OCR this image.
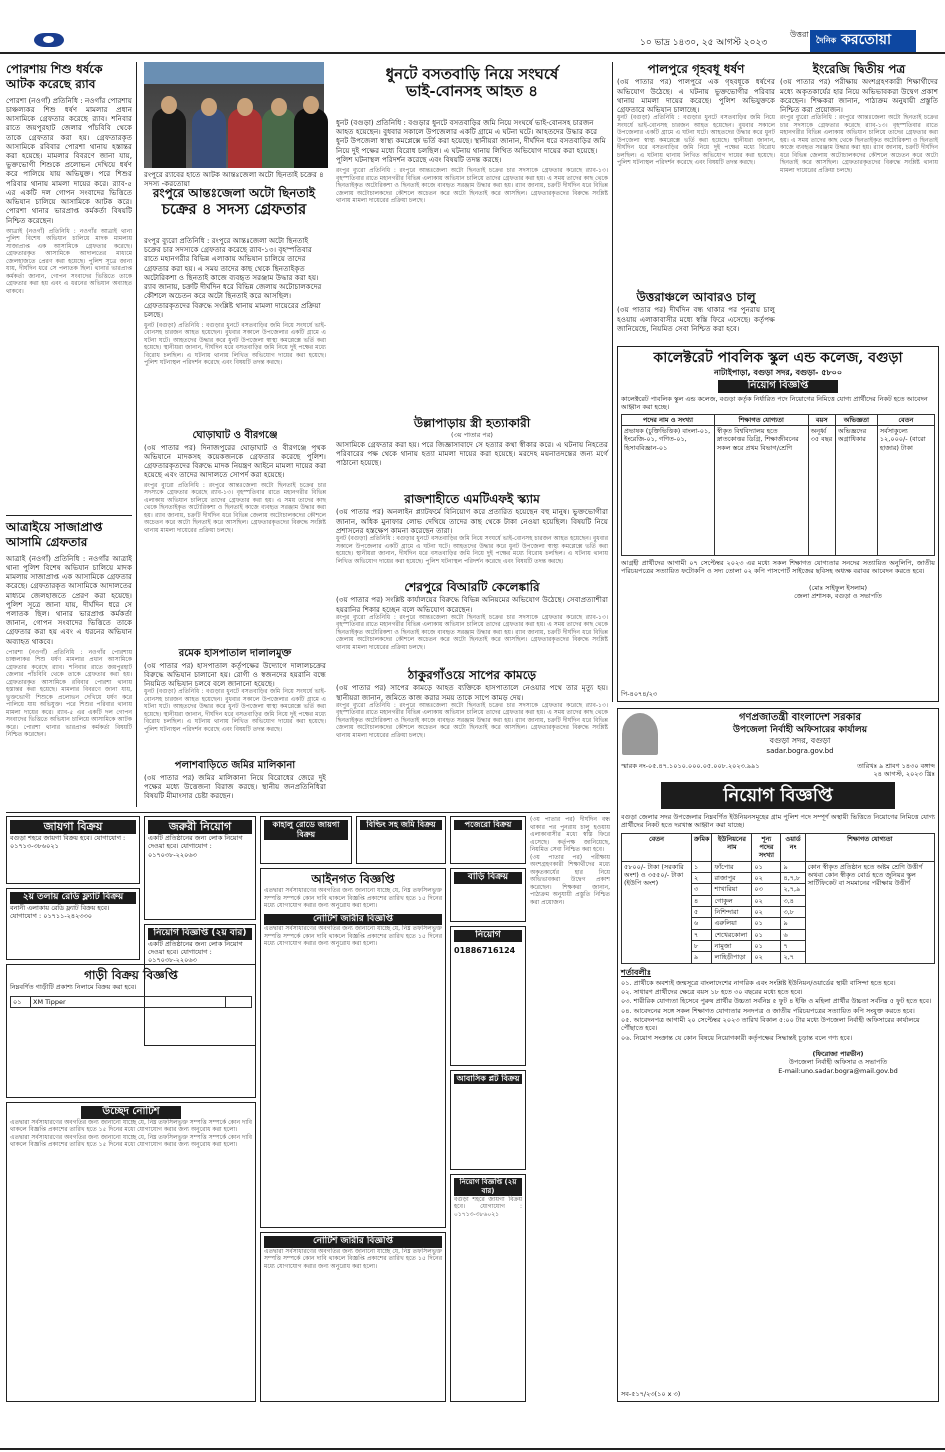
১০ ভাদ্র ১৪৩০, ২৫ আগস্ট ২০২৩
উত্তরা
দৈনিক করতোয়া
পোরশায় শিশু ধর্ষকে
আটক করেছে র‌্যাব
পোরশা (নওগাঁ) প্রতিনিধি : নওগাঁর পোরশায় চাঞ্চল্যকর শিশু ধর্ষণ মামলার প্রধান আসামিকে গ্রেফতার করেছে র‌্যাব। শনিবার রাতে জয়পুরহাট জেলার পাঁচবিবি থেকে তাকে গ্রেফতার করা হয়। গ্রেফতারকৃত আসামিকে রবিবার পোরশা থানায় হস্তান্তর করা হয়েছে। মামলার বিবরণে জানা যায়, ভুক্তভোগী শিশুকে প্রলোভন দেখিয়ে ধর্ষণ করে পালিয়ে যায় অভিযুক্ত। পরে শিশুর পরিবার থানায় মামলা দায়ের করে। র‌্যাব-৫ এর একটি দল গোপন সংবাদের ভিত্তিতে অভিযান চালিয়ে আসামিকে আটক করে। পোরশা থানার ভারপ্রাপ্ত কর্মকর্তা বিষয়টি নিশ্চিত করেছেন।
আত্রাই (নওগাঁ) প্রতিনিধি : নওগাঁর আত্রাই থানা পুলিশ বিশেষ অভিযান চালিয়ে মাদক মামলায় সাজাপ্রাপ্ত এক আসামিকে গ্রেফতার করেছে। গ্রেফতারকৃত আসামিকে আদালতের মাধ্যমে জেলহাজতে প্রেরণ করা হয়েছে। পুলিশ সূত্রে জানা যায়, দীর্ঘদিন ধরে সে পলাতক ছিল। থানার ভারপ্রাপ্ত কর্মকর্তা জানান, গোপন সংবাদের ভিত্তিতে তাকে গ্রেফতার করা হয় এবং এ ধরনের অভিযান অব্যাহত থাকবে।
আত্রাইয়ে সাজাপ্রাপ্ত
আসামি গ্রেফতার
আত্রাই (নওগাঁ) প্রতিনিধি : নওগাঁর আত্রাই থানা পুলিশ বিশেষ অভিযান চালিয়ে মাদক মামলায় সাজাপ্রাপ্ত এক আসামিকে গ্রেফতার করেছে। গ্রেফতারকৃত আসামিকে আদালতের মাধ্যমে জেলহাজতে প্রেরণ করা হয়েছে। পুলিশ সূত্রে জানা যায়, দীর্ঘদিন ধরে সে পলাতক ছিল। থানার ভারপ্রাপ্ত কর্মকর্তা জানান, গোপন সংবাদের ভিত্তিতে তাকে গ্রেফতার করা হয় এবং এ ধরনের অভিযান অব্যাহত থাকবে।
পোরশা (নওগাঁ) প্রতিনিধি : নওগাঁর পোরশায় চাঞ্চল্যকর শিশু ধর্ষণ মামলার প্রধান আসামিকে গ্রেফতার করেছে র‌্যাব। শনিবার রাতে জয়পুরহাট জেলার পাঁচবিবি থেকে তাকে গ্রেফতার করা হয়। গ্রেফতারকৃত আসামিকে রবিবার পোরশা থানায় হস্তান্তর করা হয়েছে। মামলার বিবরণে জানা যায়, ভুক্তভোগী শিশুকে প্রলোভন দেখিয়ে ধর্ষণ করে পালিয়ে যায় অভিযুক্ত। পরে শিশুর পরিবার থানায় মামলা দায়ের করে। র‌্যাব-৫ এর একটি দল গোপন সংবাদের ভিত্তিতে অভিযান চালিয়ে আসামিকে আটক করে। পোরশা থানার ভারপ্রাপ্ত কর্মকর্তা বিষয়টি নিশ্চিত করেছেন।
রংপুরে র‌্যাবের হাতে আটক আন্তঃজেলা অটো ছিনতাই চক্রের ৪ সদস্য -করতোয়া
রংপুরে আন্তঃজেলা অটো ছিনতাই
চক্রের ৪ সদস্য গ্রেফতার
রংপুর ব্যুরো প্রতিনিধি : রংপুরে আন্তঃজেলা অটো ছিনতাই চক্রের চার সদস্যকে গ্রেফতার করেছে র‌্যাব-১৩। বৃহস্পতিবার রাতে মহানগরীর বিভিন্ন এলাকায় অভিযান চালিয়ে তাদের গ্রেফতার করা হয়। এ সময় তাদের কাছ থেকে ছিনতাইকৃত অটোরিকশা ও ছিনতাই কাজে ব্যবহৃত সরঞ্জাম উদ্ধার করা হয়। র‌্যাব জানায়, চক্রটি দীর্ঘদিন ধরে বিভিন্ন জেলায় অটোচালকদের কৌশলে অচেতন করে অটো ছিনতাই করে আসছিল। গ্রেফতারকৃতদের বিরুদ্ধে সংশ্লিষ্ট থানায় মামলা দায়েরের প্রক্রিয়া চলছে।
ধুনট (বগুড়া) প্রতিনিধি : বগুড়ার ধুনটে বসতবাড়ির জমি নিয়ে সংঘর্ষে ভাই-বোনসহ চারজন আহত হয়েছেন। বুধবার সকালে উপজেলার একটি গ্রামে এ ঘটনা ঘটে। আহতদের উদ্ধার করে ধুনট উপজেলা স্বাস্থ্য কমপ্লেক্সে ভর্তি করা হয়েছে। স্থানীয়রা জানান, দীর্ঘদিন ধরে বসতবাড়ির জমি নিয়ে দুই পক্ষের মধ্যে বিরোধ চলছিল। এ ঘটনায় থানায় লিখিত অভিযোগ দায়ের করা হয়েছে। পুলিশ ঘটনাস্থল পরিদর্শন করেছে এবং বিষয়টি তদন্ত করছে।
ধুনটে বসতবাড়ি নিয়ে সংঘর্ষে
ভাই-বোনসহ আহত ৪
ধুনট (বগুড়া) প্রতিনিধি : বগুড়ার ধুনটে বসতবাড়ির জমি নিয়ে সংঘর্ষে ভাই-বোনসহ চারজন আহত হয়েছেন। বুধবার সকালে উপজেলার একটি গ্রামে এ ঘটনা ঘটে। আহতদের উদ্ধার করে ধুনট উপজেলা স্বাস্থ্য কমপ্লেক্সে ভর্তি করা হয়েছে। স্থানীয়রা জানান, দীর্ঘদিন ধরে বসতবাড়ির জমি নিয়ে দুই পক্ষের মধ্যে বিরোধ চলছিল। এ ঘটনায় থানায় লিখিত অভিযোগ দায়ের করা হয়েছে। পুলিশ ঘটনাস্থল পরিদর্শন করেছে এবং বিষয়টি তদন্ত করছে।
রংপুর ব্যুরো প্রতিনিধি : রংপুরে আন্তঃজেলা অটো ছিনতাই চক্রের চার সদস্যকে গ্রেফতার করেছে র‌্যাব-১৩। বৃহস্পতিবার রাতে মহানগরীর বিভিন্ন এলাকায় অভিযান চালিয়ে তাদের গ্রেফতার করা হয়। এ সময় তাদের কাছ থেকে ছিনতাইকৃত অটোরিকশা ও ছিনতাই কাজে ব্যবহৃত সরঞ্জাম উদ্ধার করা হয়। র‌্যাব জানায়, চক্রটি দীর্ঘদিন ধরে বিভিন্ন জেলায় অটোচালকদের কৌশলে অচেতন করে অটো ছিনতাই করে আসছিল। গ্রেফতারকৃতদের বিরুদ্ধে সংশ্লিষ্ট থানায় মামলা দায়েরের প্রক্রিয়া চলছে।
উল্লাপাড়ায় স্ত্রী হত্যাকারী
(৩য় পাতার পর)
আসামিকে গ্রেফতার করা হয়। পরে জিজ্ঞাসাবাদে সে হত্যার কথা স্বীকার করে। এ ঘটনায় নিহতের পরিবারের পক্ষ থেকে থানায় হত্যা মামলা দায়ের করা হয়েছে। মরদেহ ময়নাতদন্তের জন্য মর্গে পাঠানো হয়েছে।
ঘোড়াঘাট ও বীরগঞ্জে
(৩য় পাতার পর) দিনাজপুরের ঘোড়াঘাট ও বীরগঞ্জে পৃথক অভিযানে মাদকসহ কয়েকজনকে গ্রেফতার করেছে পুলিশ। গ্রেফতারকৃতদের বিরুদ্ধে মাদক নিয়ন্ত্রণ আইনে মামলা দায়ের করা হয়েছে এবং তাদের আদালতে সোপর্দ করা হয়েছে।
রংপুর ব্যুরো প্রতিনিধি : রংপুরে আন্তঃজেলা অটো ছিনতাই চক্রের চার সদস্যকে গ্রেফতার করেছে র‌্যাব-১৩। বৃহস্পতিবার রাতে মহানগরীর বিভিন্ন এলাকায় অভিযান চালিয়ে তাদের গ্রেফতার করা হয়। এ সময় তাদের কাছ থেকে ছিনতাইকৃত অটোরিকশা ও ছিনতাই কাজে ব্যবহৃত সরঞ্জাম উদ্ধার করা হয়। র‌্যাব জানায়, চক্রটি দীর্ঘদিন ধরে বিভিন্ন জেলায় অটোচালকদের কৌশলে অচেতন করে অটো ছিনতাই করে আসছিল। গ্রেফতারকৃতদের বিরুদ্ধে সংশ্লিষ্ট থানায় মামলা দায়েরের প্রক্রিয়া চলছে।
রাজশাহীতে এমটিএফই স্ক্যাম
(৩য় পাতার পর) অনলাইন প্ল্যাটফর্মে বিনিয়োগ করে প্রতারিত হয়েছেন বহু মানুষ। ভুক্তভোগীরা জানান, অধিক মুনাফার লোভ দেখিয়ে তাদের কাছ থেকে টাকা নেওয়া হয়েছিল। বিষয়টি নিয়ে প্রশাসনের হস্তক্ষেপ কামনা করেছেন তারা।
ধুনট (বগুড়া) প্রতিনিধি : বগুড়ার ধুনটে বসতবাড়ির জমি নিয়ে সংঘর্ষে ভাই-বোনসহ চারজন আহত হয়েছেন। বুধবার সকালে উপজেলার একটি গ্রামে এ ঘটনা ঘটে। আহতদের উদ্ধার করে ধুনট উপজেলা স্বাস্থ্য কমপ্লেক্সে ভর্তি করা হয়েছে। স্থানীয়রা জানান, দীর্ঘদিন ধরে বসতবাড়ির জমি নিয়ে দুই পক্ষের মধ্যে বিরোধ চলছিল। এ ঘটনায় থানায় লিখিত অভিযোগ দায়ের করা হয়েছে। পুলিশ ঘটনাস্থল পরিদর্শন করেছে এবং বিষয়টি তদন্ত করছে।
শেরপুরে বিআরটি কেলেঙ্কারি
(৩য় পাতার পর) সংশ্লিষ্ট কার্যালয়ের বিরুদ্ধে বিভিন্ন অনিয়মের অভিযোগ উঠেছে। সেবাপ্রত্যাশীরা হয়রানির শিকার হচ্ছেন বলে অভিযোগ করেছেন।
রংপুর ব্যুরো প্রতিনিধি : রংপুরে আন্তঃজেলা অটো ছিনতাই চক্রের চার সদস্যকে গ্রেফতার করেছে র‌্যাব-১৩। বৃহস্পতিবার রাতে মহানগরীর বিভিন্ন এলাকায় অভিযান চালিয়ে তাদের গ্রেফতার করা হয়। এ সময় তাদের কাছ থেকে ছিনতাইকৃত অটোরিকশা ও ছিনতাই কাজে ব্যবহৃত সরঞ্জাম উদ্ধার করা হয়। র‌্যাব জানায়, চক্রটি দীর্ঘদিন ধরে বিভিন্ন জেলায় অটোচালকদের কৌশলে অচেতন করে অটো ছিনতাই করে আসছিল। গ্রেফতারকৃতদের বিরুদ্ধে সংশ্লিষ্ট থানায় মামলা দায়েরের প্রক্রিয়া চলছে।
রমেক হাসপাতাল দালালমুক্ত
(৩য় পাতার পর) হাসপাতাল কর্তৃপক্ষের উদ্যোগে দালালচক্রের বিরুদ্ধে অভিযান চালানো হয়। রোগী ও স্বজনদের হয়রানি বন্ধে নিয়মিত অভিযান চলবে বলে জানানো হয়েছে।
ধুনট (বগুড়া) প্রতিনিধি : বগুড়ার ধুনটে বসতবাড়ির জমি নিয়ে সংঘর্ষে ভাই-বোনসহ চারজন আহত হয়েছেন। বুধবার সকালে উপজেলার একটি গ্রামে এ ঘটনা ঘটে। আহতদের উদ্ধার করে ধুনট উপজেলা স্বাস্থ্য কমপ্লেক্সে ভর্তি করা হয়েছে। স্থানীয়রা জানান, দীর্ঘদিন ধরে বসতবাড়ির জমি নিয়ে দুই পক্ষের মধ্যে বিরোধ চলছিল। এ ঘটনায় থানায় লিখিত অভিযোগ দায়ের করা হয়েছে। পুলিশ ঘটনাস্থল পরিদর্শন করেছে এবং বিষয়টি তদন্ত করছে।
ঠাকুরগাঁওয়ে সাপের কামড়ে
(৩য় পাতার পর) সাপের কামড়ে আহত ব্যক্তিকে হাসপাতালে নেওয়ার পথে তার মৃত্যু হয়। স্থানীয়রা জানান, জমিতে কাজ করার সময় তাকে সাপে কামড় দেয়।
রংপুর ব্যুরো প্রতিনিধি : রংপুরে আন্তঃজেলা অটো ছিনতাই চক্রের চার সদস্যকে গ্রেফতার করেছে র‌্যাব-১৩। বৃহস্পতিবার রাতে মহানগরীর বিভিন্ন এলাকায় অভিযান চালিয়ে তাদের গ্রেফতার করা হয়। এ সময় তাদের কাছ থেকে ছিনতাইকৃত অটোরিকশা ও ছিনতাই কাজে ব্যবহৃত সরঞ্জাম উদ্ধার করা হয়। র‌্যাব জানায়, চক্রটি দীর্ঘদিন ধরে বিভিন্ন জেলায় অটোচালকদের কৌশলে অচেতন করে অটো ছিনতাই করে আসছিল। গ্রেফতারকৃতদের বিরুদ্ধে সংশ্লিষ্ট থানায় মামলা দায়েরের প্রক্রিয়া চলছে।
পলাশবাড়িতে জমির মালিকানা
(৩য় পাতার পর) জমির মালিকানা নিয়ে বিরোধের জেরে দুই পক্ষের মধ্যে উত্তেজনা বিরাজ করছে। স্থানীয় জনপ্রতিনিধিরা বিষয়টি মীমাংসার চেষ্টা করছেন।
পালপুরে গৃহবধূ ধর্ষণ
(৩য় পাতার পর) পালপুরে এক গৃহবধূকে ধর্ষণের অভিযোগ উঠেছে। এ ঘটনায় ভুক্তভোগীর পরিবার থানায় মামলা দায়ের করেছে। পুলিশ অভিযুক্তকে গ্রেফতারে অভিযান চালাচ্ছে।
ধুনট (বগুড়া) প্রতিনিধি : বগুড়ার ধুনটে বসতবাড়ির জমি নিয়ে সংঘর্ষে ভাই-বোনসহ চারজন আহত হয়েছেন। বুধবার সকালে উপজেলার একটি গ্রামে এ ঘটনা ঘটে। আহতদের উদ্ধার করে ধুনট উপজেলা স্বাস্থ্য কমপ্লেক্সে ভর্তি করা হয়েছে। স্থানীয়রা জানান, দীর্ঘদিন ধরে বসতবাড়ির জমি নিয়ে দুই পক্ষের মধ্যে বিরোধ চলছিল। এ ঘটনায় থানায় লিখিত অভিযোগ দায়ের করা হয়েছে। পুলিশ ঘটনাস্থল পরিদর্শন করেছে এবং বিষয়টি তদন্ত করছে।
ইংরেজি দ্বিতীয় পত্র
(৩য় পাতার পর) পরীক্ষায় অংশগ্রহণকারী শিক্ষার্থীদের মধ্যে অকৃতকার্যের হার নিয়ে অভিভাবকরা উদ্বেগ প্রকাশ করেছেন। শিক্ষকরা জানান, পাঠ্যক্রম অনুযায়ী প্রস্তুতি নিশ্চিত করা প্রয়োজন।
রংপুর ব্যুরো প্রতিনিধি : রংপুরে আন্তঃজেলা অটো ছিনতাই চক্রের চার সদস্যকে গ্রেফতার করেছে র‌্যাব-১৩। বৃহস্পতিবার রাতে মহানগরীর বিভিন্ন এলাকায় অভিযান চালিয়ে তাদের গ্রেফতার করা হয়। এ সময় তাদের কাছ থেকে ছিনতাইকৃত অটোরিকশা ও ছিনতাই কাজে ব্যবহৃত সরঞ্জাম উদ্ধার করা হয়। র‌্যাব জানায়, চক্রটি দীর্ঘদিন ধরে বিভিন্ন জেলায় অটোচালকদের কৌশলে অচেতন করে অটো ছিনতাই করে আসছিল। গ্রেফতারকৃতদের বিরুদ্ধে সংশ্লিষ্ট থানায় মামলা দায়েরের প্রক্রিয়া চলছে।
উত্তরাঞ্চলে আবারও চালু
(৩য় পাতার পর) দীর্ঘদিন বন্ধ থাকার পর পুনরায় চালু হওয়ায় এলাকাবাসীর মধ্যে স্বস্তি ফিরে এসেছে। কর্তৃপক্ষ জানিয়েছে, নিয়মিত সেবা নিশ্চিত করা হবে।
কালেক্টরেট পাবলিক স্কুল এন্ড কলেজ, বগুড়া
নাটাইপাড়া, বগুড়া সদর, বগুড়া- ৫৮০০
নিয়োগ বিজ্ঞপ্তি
কালেক্টরেট পাবলিক স্কুল এন্ড কলেজ, বগুড়া কর্তৃক নির্ধারিত পদে নিয়োগের নিমিত্তে যোগ্য প্রার্থীদের নিকট হতে আবেদন আহ্বান করা হচ্ছে।
পদের নাম ও সংখ্যা	শিক্ষাগত যোগ্যতা	বয়স	অভিজ্ঞতা	বেতন
প্রভাষক (চুক্তিভিত্তিক) বাংলা-০১, ইংরেজি-০১, গণিত-০১, হিসাববিজ্ঞান-০১	স্বীকৃত বিশ্ববিদ্যালয় হতে স্নাতকোত্তর ডিগ্রি, শিক্ষাজীবনের সকল স্তরে প্রথম বিভাগ/শ্রেণি	অনূর্ধ্ব ৩৫ বছর	অভিজ্ঞদের অগ্রাধিকার	সর্বসাকুল্যে ১২,০০০/- (বারো হাজার) টাকা
আগ্রহী প্রার্থীদের আগামী ০৭ সেপ্টেম্বর ২০২৩ এর মধ্যে সকল শিক্ষাগত যোগ্যতার সনদের সত্যায়িত অনুলিপি, জাতীয় পরিচয়পত্রের সত্যায়িত ফটোকপি ও সদ্য তোলা ০২ কপি পাসপোর্ট সাইজের ছবিসহ অধ্যক্ষ বরাবর আবেদন করতে হবে।
(মোঃ সাইফুল ইসলাম)
জেলা প্রশাসক, বগুড়া ও সভাপতি
পি-৪০৭৪/২৩
জায়গা বিক্রয়
বগুড়া শহরে জায়গা বিক্রয় হবে। যোগাযোগ : ০১৭১৩-৩৮৬০২১
জরুরী নিয়োগ
একটি প্রতিষ্ঠানের জন্য লোক নিয়োগ দেওয়া হবে। যোগাযোগ : ০১৭০৩৮-২২০৬৩
২য় তলায় রেডি ফ্ল্যাট বিক্রয়
বনানী এলাকায় রেডি ফ্ল্যাট বিক্রয় হবে। যোগাযোগ : ০১৭১১-২৪২৩৩০
নিয়োগ বিজ্ঞপ্তি (২য় বার)
একটি প্রতিষ্ঠানের জন্য লোক নিয়োগ দেওয়া হবে। যোগাযোগ : ০১৭০৩৮-২২০৬৩
গাড়ী বিক্রয় বিজ্ঞপ্তি
নিম্নবর্ণিত গাড়ীটি প্রকাশ্য নিলামে বিক্রয় করা হবে।
০১	XM Tipper	
উচ্ছেদ নোটিশ
এতদ্বারা সর্বসাধারণের অবগতির জন্য জানানো যাচ্ছে যে, নিম্ন তফসিলভুক্ত সম্পত্তি সম্পর্কে কোন দাবি থাকলে বিজ্ঞপ্তি প্রকাশের তারিখ হতে ১৫ দিনের মধ্যে যোগাযোগ করার জন্য অনুরোধ করা হলো।
এতদ্বারা সর্বসাধারণের অবগতির জন্য জানানো যাচ্ছে যে, নিম্ন তফসিলভুক্ত সম্পত্তি সম্পর্কে কোন দাবি থাকলে বিজ্ঞপ্তি প্রকাশের তারিখ হতে ১৫ দিনের মধ্যে যোগাযোগ করার জন্য অনুরোধ করা হলো।
কাহালু রোডে জায়গা বিক্রয়
বিল্ডিং সহ জমি বিক্রয়
আইনগত বিজ্ঞপ্তি
এতদ্বারা সর্বসাধারণের অবগতির জন্য জানানো যাচ্ছে যে, নিম্ন তফসিলভুক্ত সম্পত্তি সম্পর্কে কোন দাবি থাকলে বিজ্ঞপ্তি প্রকাশের তারিখ হতে ১৫ দিনের মধ্যে যোগাযোগ করার জন্য অনুরোধ করা হলো।
নোটিশ জারীর বিজ্ঞপ্তি
এতদ্বারা সর্বসাধারণের অবগতির জন্য জানানো যাচ্ছে যে, নিম্ন তফসিলভুক্ত সম্পত্তি সম্পর্কে কোন দাবি থাকলে বিজ্ঞপ্তি প্রকাশের তারিখ হতে ১৫ দিনের মধ্যে যোগাযোগ করার জন্য অনুরোধ করা হলো।
নোটিশ জারীর বিজ্ঞপ্তি
এতদ্বারা সর্বসাধারণের অবগতির জন্য জানানো যাচ্ছে যে, নিম্ন তফসিলভুক্ত সম্পত্তি সম্পর্কে কোন দাবি থাকলে বিজ্ঞপ্তি প্রকাশের তারিখ হতে ১৫ দিনের মধ্যে যোগাযোগ করার জন্য অনুরোধ করা হলো।
পজেরো বিক্রয়
বাড়ি বিক্রয়
নিয়োগ
01886716124
আবাসিক প্লট বিক্রয়
নিয়োগ বিজ্ঞপ্তি (২য় বার)
বগুড়া শহরে জায়গা বিক্রয় হবে। যোগাযোগ : ০১৭১৩-৩৮৬০২১
গণপ্রজাতন্ত্রী বাংলাদেশ সরকার
উপজেলা নির্বাহী অফিসারের কার্যালয়
বগুড়া সদর, বগুড়া
sadar.bogra.gov.bd
স্মারক নং-০৫.৪৭.১০১০.০০০.০৫.০০৮.২০২৩.৯৯১	তারিখঃ ৯ শ্রাবণ ১৪৩০ বঙ্গাব্দ
২৪ আগস্ট, ২০২৩ খ্রিঃ
নিয়োগ বিজ্ঞপ্তি
বগুড়া জেলার সদর উপজেলার নিম্নবর্ণিত ইউনিয়নসমূহের গ্রাম পুলিশ পদে সম্পূর্ণ অস্থায়ী ভিত্তিতে নিয়োগের নিমিত্তে যোগ্য প্রার্থীদের নিকট হতে দরখাস্ত আহ্বান করা যাচ্ছে।
বেতন	ক্রমিক	ইউনিয়নের নাম	শূন্য পদের সংখ্যা	ওয়ার্ড নং	শিক্ষাগত যোগ্যতা
৫৮০০/- টাকা (সরকারি অংশ) ও ৩৫৫০/- টাকা (ইউপি অংশ)	১	ফাঁপোর	০১	৯	কোন স্বীকৃত প্রতিষ্ঠান হতে অষ্টম শ্রেণি উত্তীর্ণ অথবা কোন স্বীকৃত বোর্ড হতে জুনিয়র স্কুল সার্টিফিকেট বা সমমানের পরীক্ষায় উত্তীর্ণ
	২	রাজাপুর	০২	৪,৭,৮	
	৩	শাখারিয়া	০৩	২,৭,৯	
	৪	গোকুল	০২	৩,৪	
	৫	নিশিন্দারা	০২	৩,৮	
	৬	এরুলিয়া	০১	৯	
	৭	শেখেরকোলা	০১	৬	
	৮	নামুজা	০১	৭	
	৯	লাহিড়ীপাড়া	০২	২,৭	
শর্তাবলীঃ
০১. প্রার্থীকে অবশ্যই জন্মসূত্রে বাংলাদেশের নাগরিক এবং সংশ্লিষ্ট ইউনিয়ন/ওয়ার্ডের স্থায়ী বাসিন্দা হতে হবে।
০২. সাধারণ প্রার্থীদের ক্ষেত্রে বয়স ১৮ হতে ৩০ বছরের মধ্যে হতে হবে।
০৩. শারীরিক যোগ্যতা হিসেবে পুরুষ প্রার্থীর উচ্চতা সর্বনিম্ন ৫ ফুট ৪ ইঞ্চি ও মহিলা প্রার্থীর উচ্চতা সর্বনিম্ন ৫ ফুট হতে হবে।
০৪. আবেদনের সঙ্গে সকল শিক্ষাগত যোগ্যতার সনদপত্র ও জাতীয় পরিচয়পত্রের সত্যায়িত কপি সংযুক্ত করতে হবে।
০৫. আবেদনপত্র আগামী ২০ সেপ্টেম্বর ২০২৩ তারিখ বিকাল ৫:০০ টার মধ্যে উপজেলা নির্বাহী অফিসারের কার্যালয়ে পৌঁছাতে হবে।
০৬. নিয়োগ সংক্রান্ত যে কোন বিষয়ে নিয়োগকারী কর্তৃপক্ষের সিদ্ধান্তই চূড়ান্ত বলে গণ্য হবে।
(ফিরোজা পারভীন)
উপজেলা নির্বাহী অফিসার ও সভাপতি
E-mail:uno.sadar.bogra@mail.gov.bd
সব-৫১৭/২৩(১০ x ৩)
(৩য় পাতার পর) দীর্ঘদিন বন্ধ থাকার পর পুনরায় চালু হওয়ায় এলাকাবাসীর মধ্যে স্বস্তি ফিরে এসেছে। কর্তৃপক্ষ জানিয়েছে, নিয়মিত সেবা নিশ্চিত করা হবে।
(৩য় পাতার পর) পরীক্ষায় অংশগ্রহণকারী শিক্ষার্থীদের মধ্যে অকৃতকার্যের হার নিয়ে অভিভাবকরা উদ্বেগ প্রকাশ করেছেন। শিক্ষকরা জানান, পাঠ্যক্রম অনুযায়ী প্রস্তুতি নিশ্চিত করা প্রয়োজন।
